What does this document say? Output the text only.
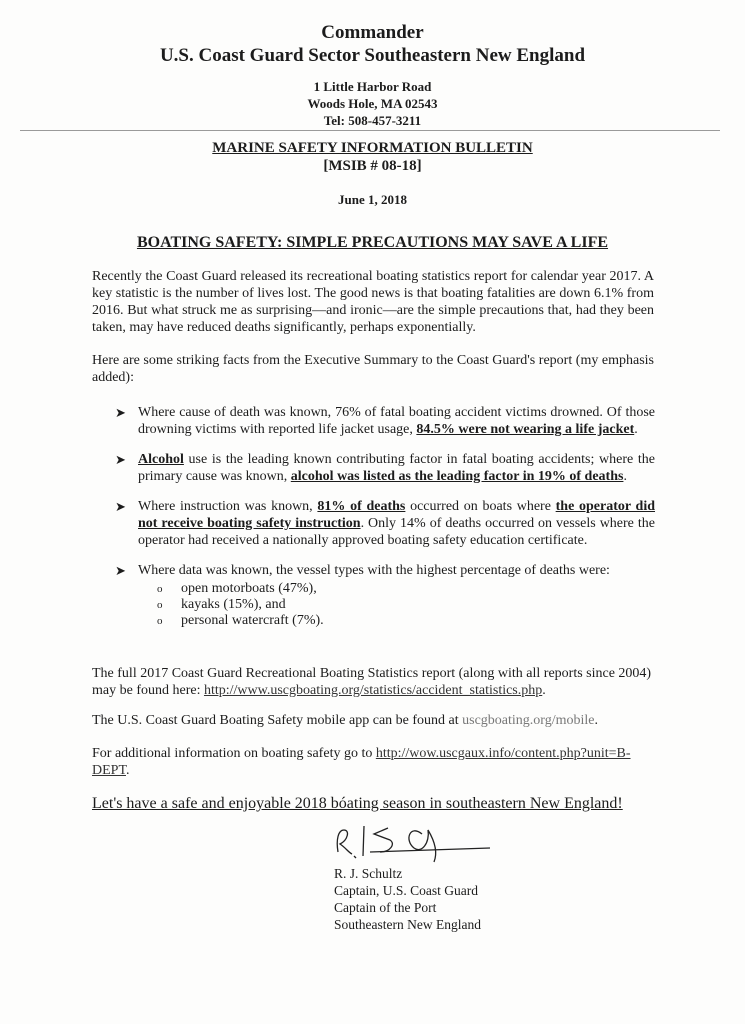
Commander
U.S. Coast Guard Sector Southeastern New England
1 Little Harbor Road
Woods Hole, MA 02543
Tel: 508-457-3211
MARINE SAFETY INFORMATION BULLETIN
[MSIB # 08-18]
June 1, 2018
BOATING SAFETY: SIMPLE PRECAUTIONS MAY SAVE A LIFE
Recently the Coast Guard released its recreational boating statistics report for calendar year 2017. A key statistic is the number of lives lost. The good news is that boating fatalities are down 6.1% from 2016. But what struck me as surprising—and ironic—are the simple precautions that, had they been taken, may have reduced deaths significantly, perhaps exponentially.
Here are some striking facts from the Executive Summary to the Coast Guard's report (my emphasis added):
➤ Where cause of death was known, 76% of fatal boating accident victims drowned. Of those drowning victims with reported life jacket usage, 84.5% were not wearing a life jacket.
➤ Alcohol use is the leading known contributing factor in fatal boating accidents; where the primary cause was known, alcohol was listed as the leading factor in 19% of deaths.
➤ Where instruction was known, 81% of deaths occurred on boats where the operator did not receive boating safety instruction. Only 14% of deaths occurred on vessels where the operator had received a nationally approved boating safety education certificate.
➤ Where data was known, the vessel types with the highest percentage of deaths were:
o open motorboats (47%),
o kayaks (15%), and
o personal watercraft (7%).
The full 2017 Coast Guard Recreational Boating Statistics report (along with all reports since 2004) may be found here: http://www.uscgboating.org/statistics/accident_statistics.php.
The U.S. Coast Guard Boating Safety mobile app can be found at uscgboating.org/mobile.
For additional information on boating safety go to http://wow.uscgaux.info/content.php?unit=B-DEPT.
Let's have a safe and enjoyable 2018 bóating season in southeastern New England!
R. J. Schultz
Captain, U.S. Coast Guard
Captain of the Port
Southeastern New England
